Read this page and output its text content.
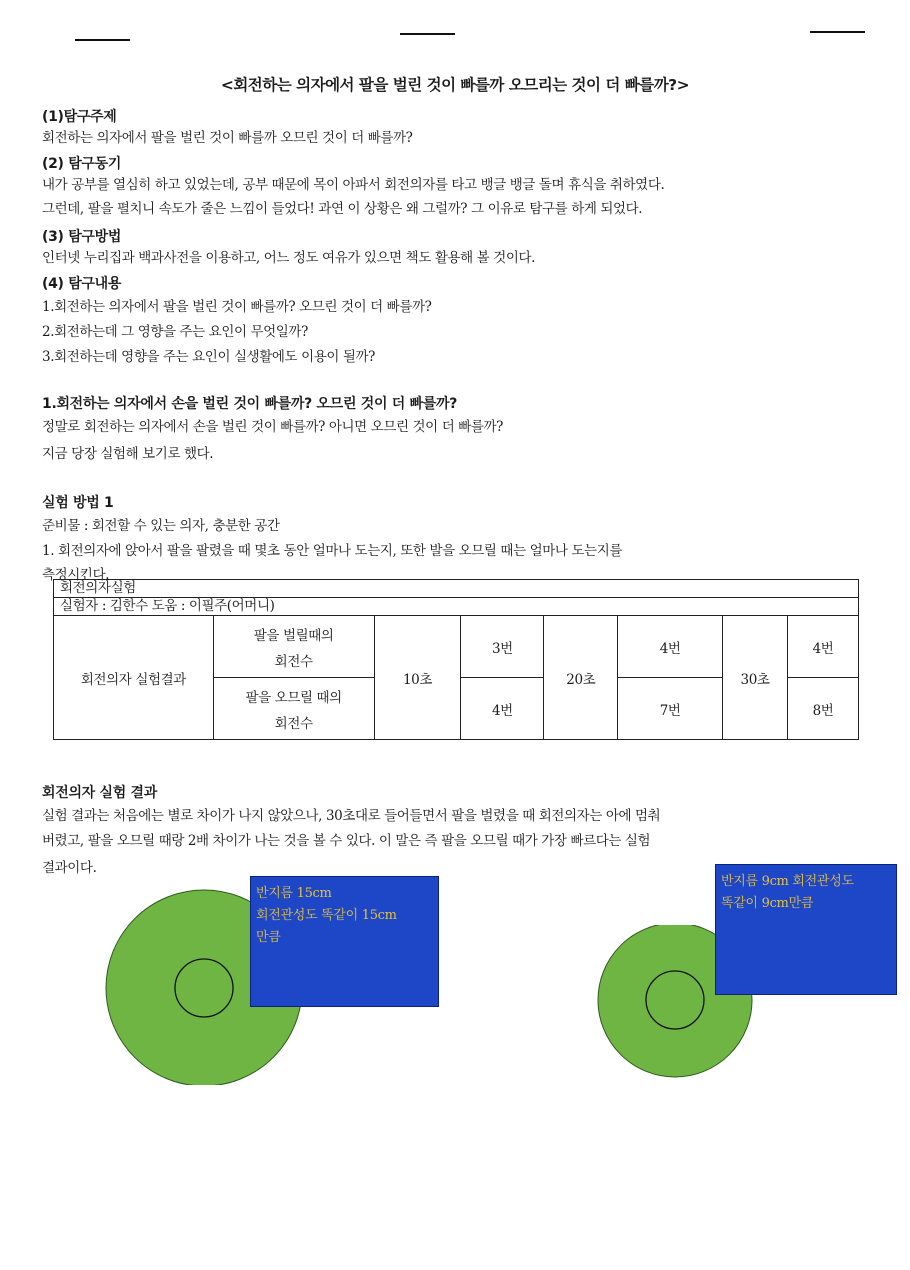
<회전하는 의자에서 팔을 벌린 것이 빠를까 오므리는 것이 더 빠를까?>
(1)탐구주제
회전하는 의자에서 팔을 벌린 것이 빠를까 오므린 것이 더 빠를까?
(2) 탐구동기
내가 공부를 열심히 하고 있었는데, 공부 때문에 목이 아파서 회전의자를 타고 뱅글 뱅글 돌며 휴식을 취하였다.
그런데, 팔을 펼치니 속도가 줄은 느낌이 들었다! 과연 이 상황은 왜 그럴까? 그 이유로 탐구를 하게 되었다.
(3) 탐구방법
인터넷 누리집과 백과사전을 이용하고, 어느 정도 여유가 있으면 책도 활용해 볼 것이다.
(4) 탐구내용
1.회전하는 의자에서 팔을 벌린 것이 빠를까? 오므린 것이 더 빠를까?
2.회전하는데 그 영향을 주는 요인이 무엇일까?
3.회전하는데 영향을 주는 요인이 실생활에도 이용이 될까?
1.회전하는 의자에서 손을 벌린 것이 빠를까? 오므린 것이 더 빠를까?
정말로 회전하는 의자에서 손을 벌린 것이 빠를까? 아니면 오므린 것이 더 빠를까?
지금 당장 실험해 보기로 했다.
실험 방법 1
준비물 : 회전할 수 있는 의자, 충분한 공간
1. 회전의자에 앉아서 팔을 팔렸을 때 몇초 동안 얼마나 도는지, 또한 발을 오므릴 때는 얼마나 도는지를
측정시킨다.
회전의자실험							
실험자 : 김한수 도움 : 이필주(어머니)							
회전의자 실험결과	팔을 벌릴때의
회전수	10초	3번	20초	4번	30초	4번

	팔을 오므릴 때의
회전수		4번		7번		8번
회전의자 실험 결과
실험 결과는 처음에는 별로 차이가 나지 않았으나, 30초대로 들어들면서 팔을 벌렸을 때 회전의자는 아에 멈춰
버렸고, 팔을 오므릴 때랑 2배 차이가 나는 것을 볼 수 있다. 이 말은 즉 팔을 오므릴 때가 가장 빠르다는 실험
결과이다.
반지름 15cm
회전관성도 똑같이 15cm
만큼
반지름 9cm 회전관성도
똑같이 9cm만큼
